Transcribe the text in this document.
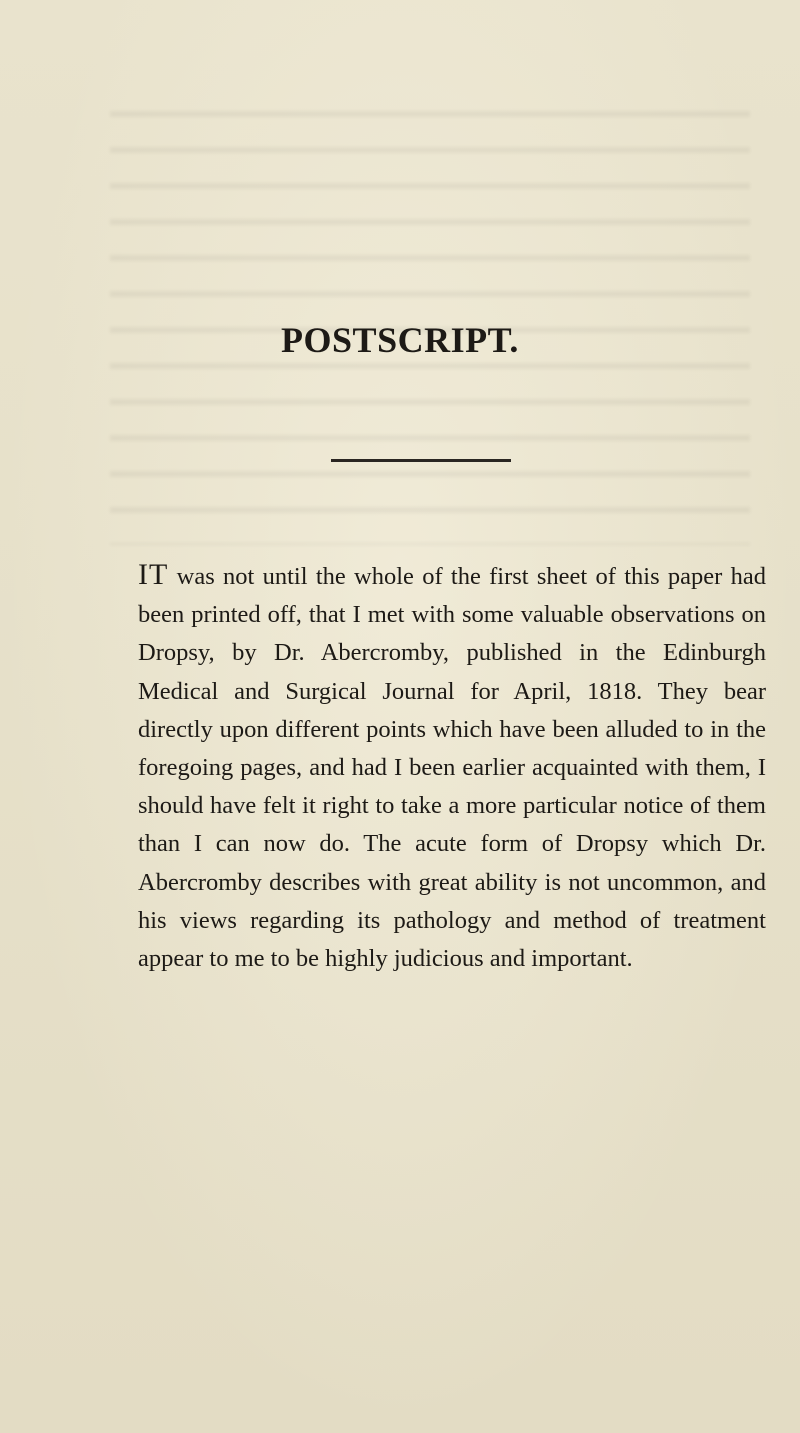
POSTSCRIPT.

IT was not until the whole of the first sheet of this paper had been printed off, that I met with some valuable observations on Dropsy, by Dr. Abercromby, published in the Edinburgh Medical and Surgical Journal for April, 1818. They bear directly upon different points which have been alluded to in the foregoing pages, and had I been earlier acquainted with them, I should have felt it right to take a more particular notice of them than I can now do. The acute form of Dropsy which Dr. Abercromby describes with great ability is not uncommon, and his views regarding its pathology and method of treatment appear to me to be highly judicious and important.
